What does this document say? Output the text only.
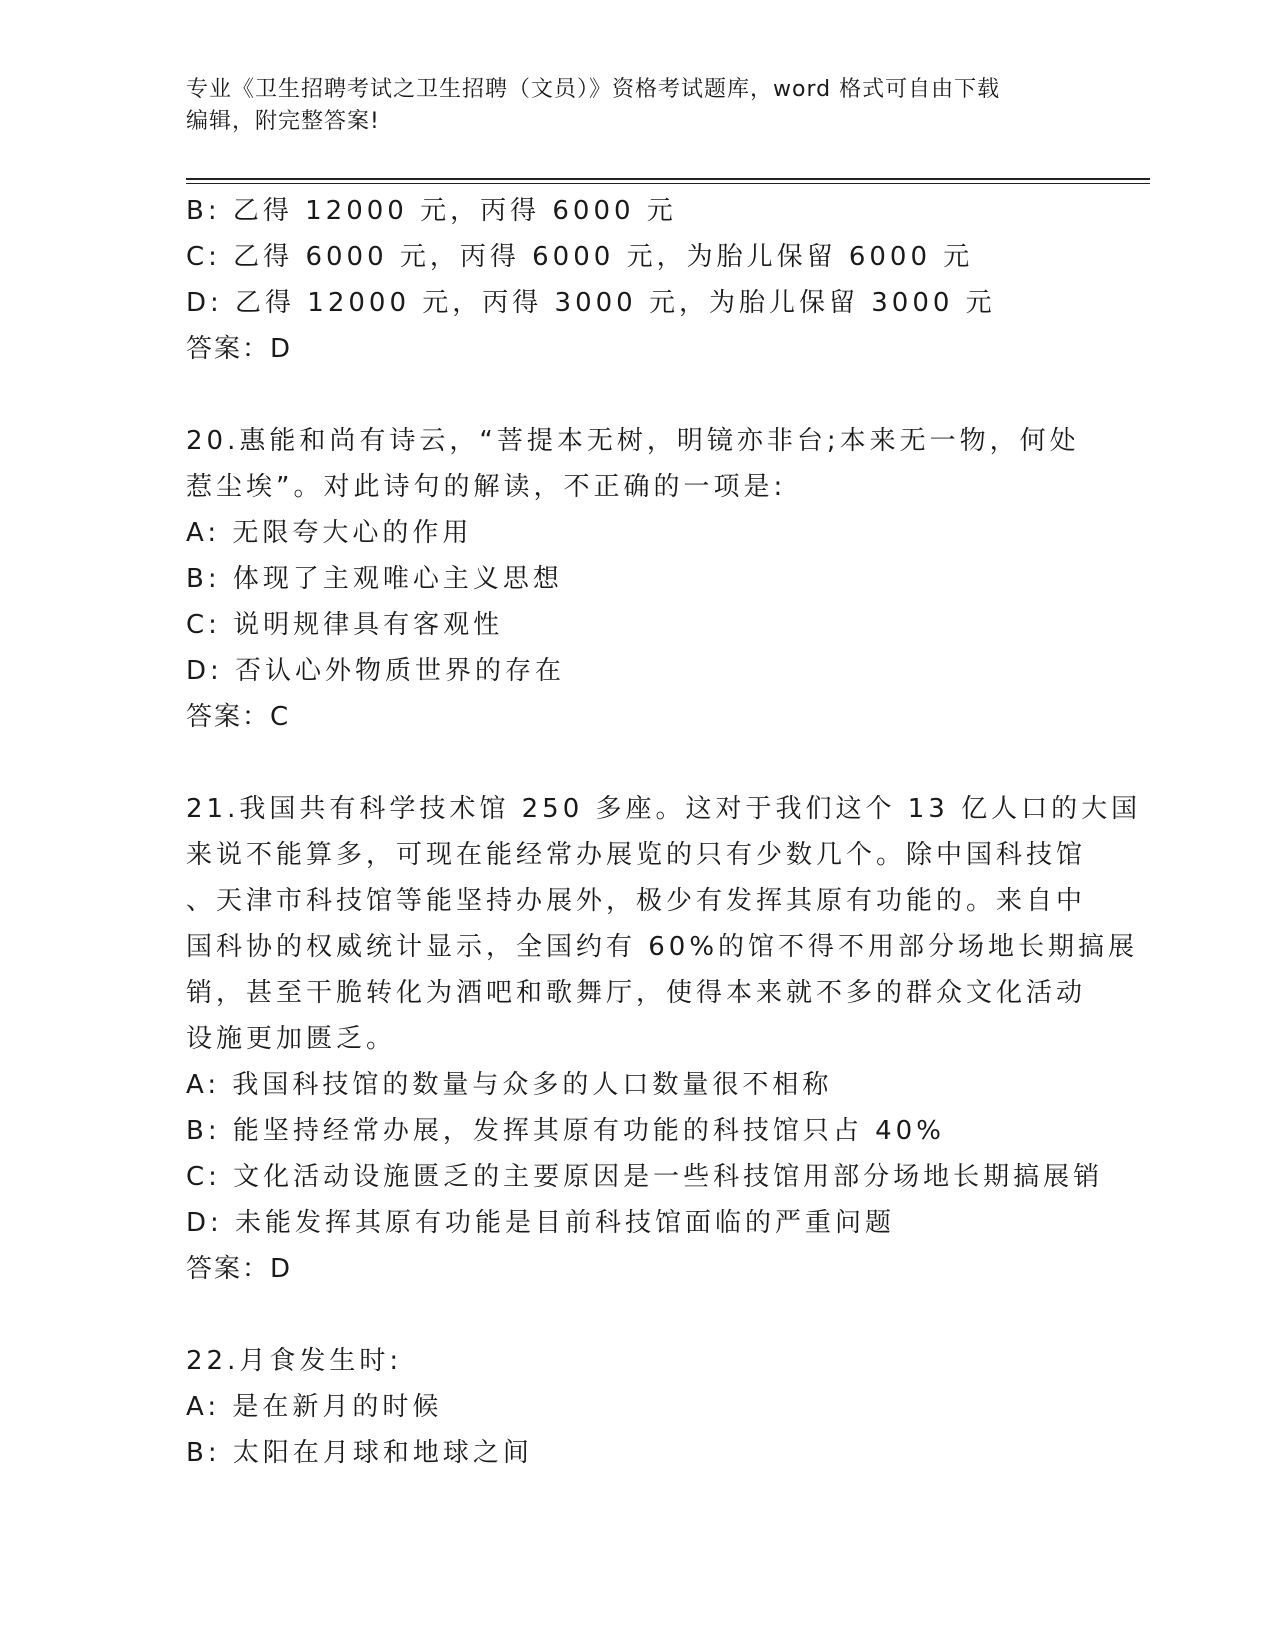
专业《卫生招聘考试之卫生招聘（文员）》资格考试题库，word 格式可自由下载
编辑，附完整答案!

B: 乙得 12000 元，丙得 6000 元

C: 乙得 6000 元，丙得 6000 元，为胎儿保留 6000 元

D: 乙得 12000 元，丙得 3000 元，为胎儿保留 3000 元

答案：D

20.惠能和尚有诗云，“菩提本无树，明镜亦非台;本来无一物，何处

惹尘埃”。对此诗句的解读，不正确的一项是:

A: 无限夸大心的作用

B: 体现了主观唯心主义思想

C: 说明规律具有客观性

D: 否认心外物质世界的存在

答案：C

21.我国共有科学技术馆 250 多座。这对于我们这个 13 亿人口的大国

来说不能算多，可现在能经常办展览的只有少数几个。除中国科技馆

、天津市科技馆等能坚持办展外，极少有发挥其原有功能的。来自中

国科协的权威统计显示，全国约有 60%的馆不得不用部分场地长期搞展

销，甚至干脆转化为酒吧和歌舞厅，使得本来就不多的群众文化活动

设施更加匮乏。

A: 我国科技馆的数量与众多的人口数量很不相称

B: 能坚持经常办展，发挥其原有功能的科技馆只占 40%

C: 文化活动设施匮乏的主要原因是一些科技馆用部分场地长期搞展销

D: 未能发挥其原有功能是目前科技馆面临的严重问题

答案：D

22.月食发生时:

A: 是在新月的时候

B: 太阳在月球和地球之间
